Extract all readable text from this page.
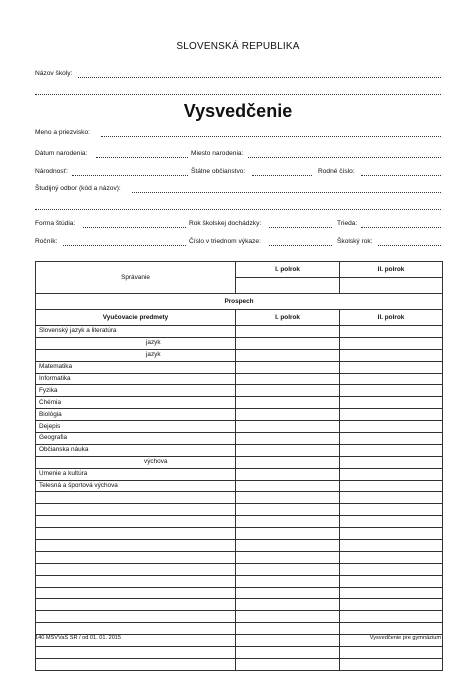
SLOVENSKÁ REPUBLIKA
Názov školy:
Vysvedčenie
Meno a priezvisko:
Dátum narodenia:	Miesto narodenia:
Národnosť:	Štátne občianstvo:	Rodné číslo:
Študijný odbor (kód a názov):
Forma štúdia:	Rok školskej dochádzky:	Trieda:
Ročník:	Číslo v triednom výkaze:	Školský rok:
Správanie	I. polrok	II. polrok

Prospech		
Vyučovacie predmety	I. polrok	II. polrok
Slovenský jazyk a literatúra		
jazyk		
jazyk		
Matematika		
Informatika		
Fyzika		
Chémia		
Biológia		
Dejepis		
Geografia		
Občianska náuka		
výchova		
Umenie a kultúra		
Telesná a športová výchova		

140 MŠVVaŠ SR / od 01. 01. 2015	Vysvedčenie pre gymnázium
